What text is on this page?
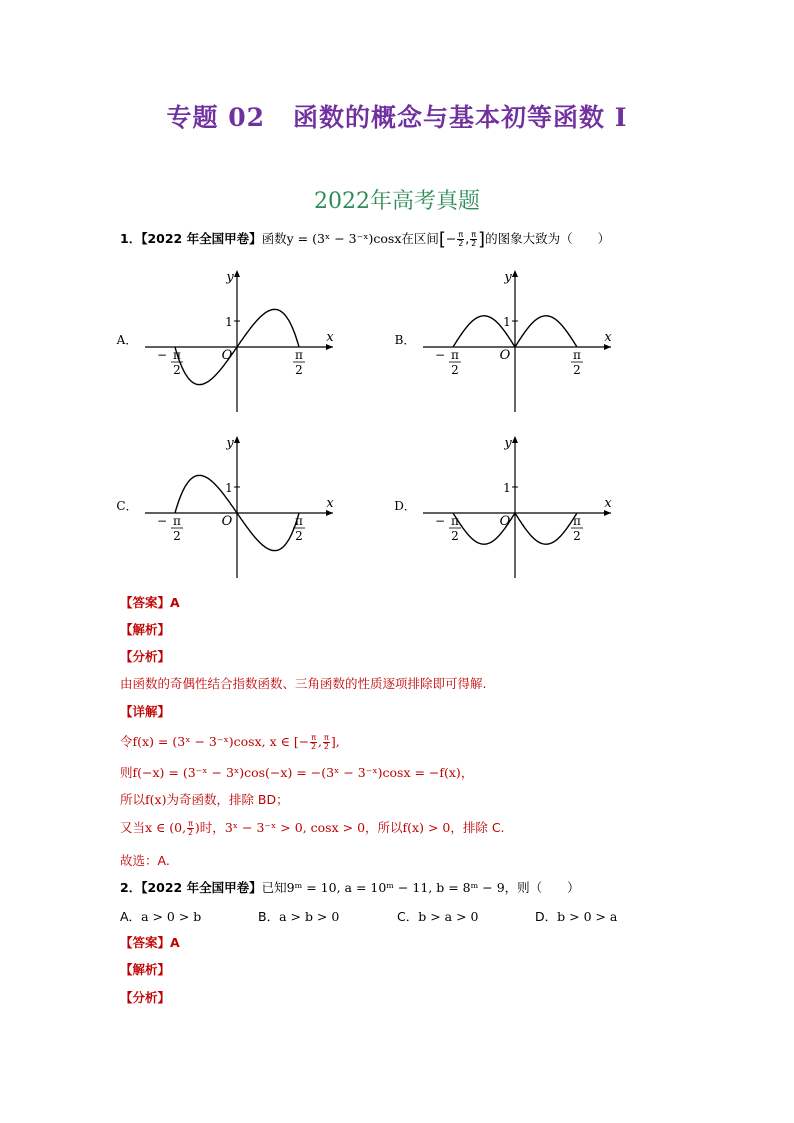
专题 02 函数的概念与基本初等函数 I
2022年高考真题
1．【2022 年全国甲卷】函数y = (3ˣ − 3⁻ˣ)cosx在区间[− $\frac{\pi}{2}$ , $\frac{\pi}{2}$ ]的图象大致为（　　）
A．	x
y
O
1
− π
2
π
2
B．	x
y
O
1
− π
2
π
2
C．	x
y
O
1
− π
2
π
2
D．	x
y
O
1
− π
2
π
2
【答案】A
【解析】
【分析】
由函数的奇偶性结合指数函数、三角函数的性质逐项排除即可得解.
【详解】
令f(x) = (3ˣ − 3⁻ˣ)cosx, x ∈ [− $\frac{\pi}{2}$ , $\frac{\pi}{2}$ ],
则f(−x) = (3⁻ˣ − 3ˣ)cos(−x) = −(3ˣ − 3⁻ˣ)cosx = −f(x)，
所以f(x)为奇函数，排除 BD；
又当x ∈ (0, $\frac{\pi}{2}$ )时，3ˣ − 3⁻ˣ > 0, cosx > 0，所以f(x) > 0，排除 C.
故选：A.
2．【2022 年全国甲卷】已知9ᵐ = 10, a = 10ᵐ − 11, b = 8ᵐ − 9，则（　　）
A．a > 0 > b	B．a > b > 0	C．b > a > 0	D．b > 0 > a
【答案】A
【解析】
【分析】
